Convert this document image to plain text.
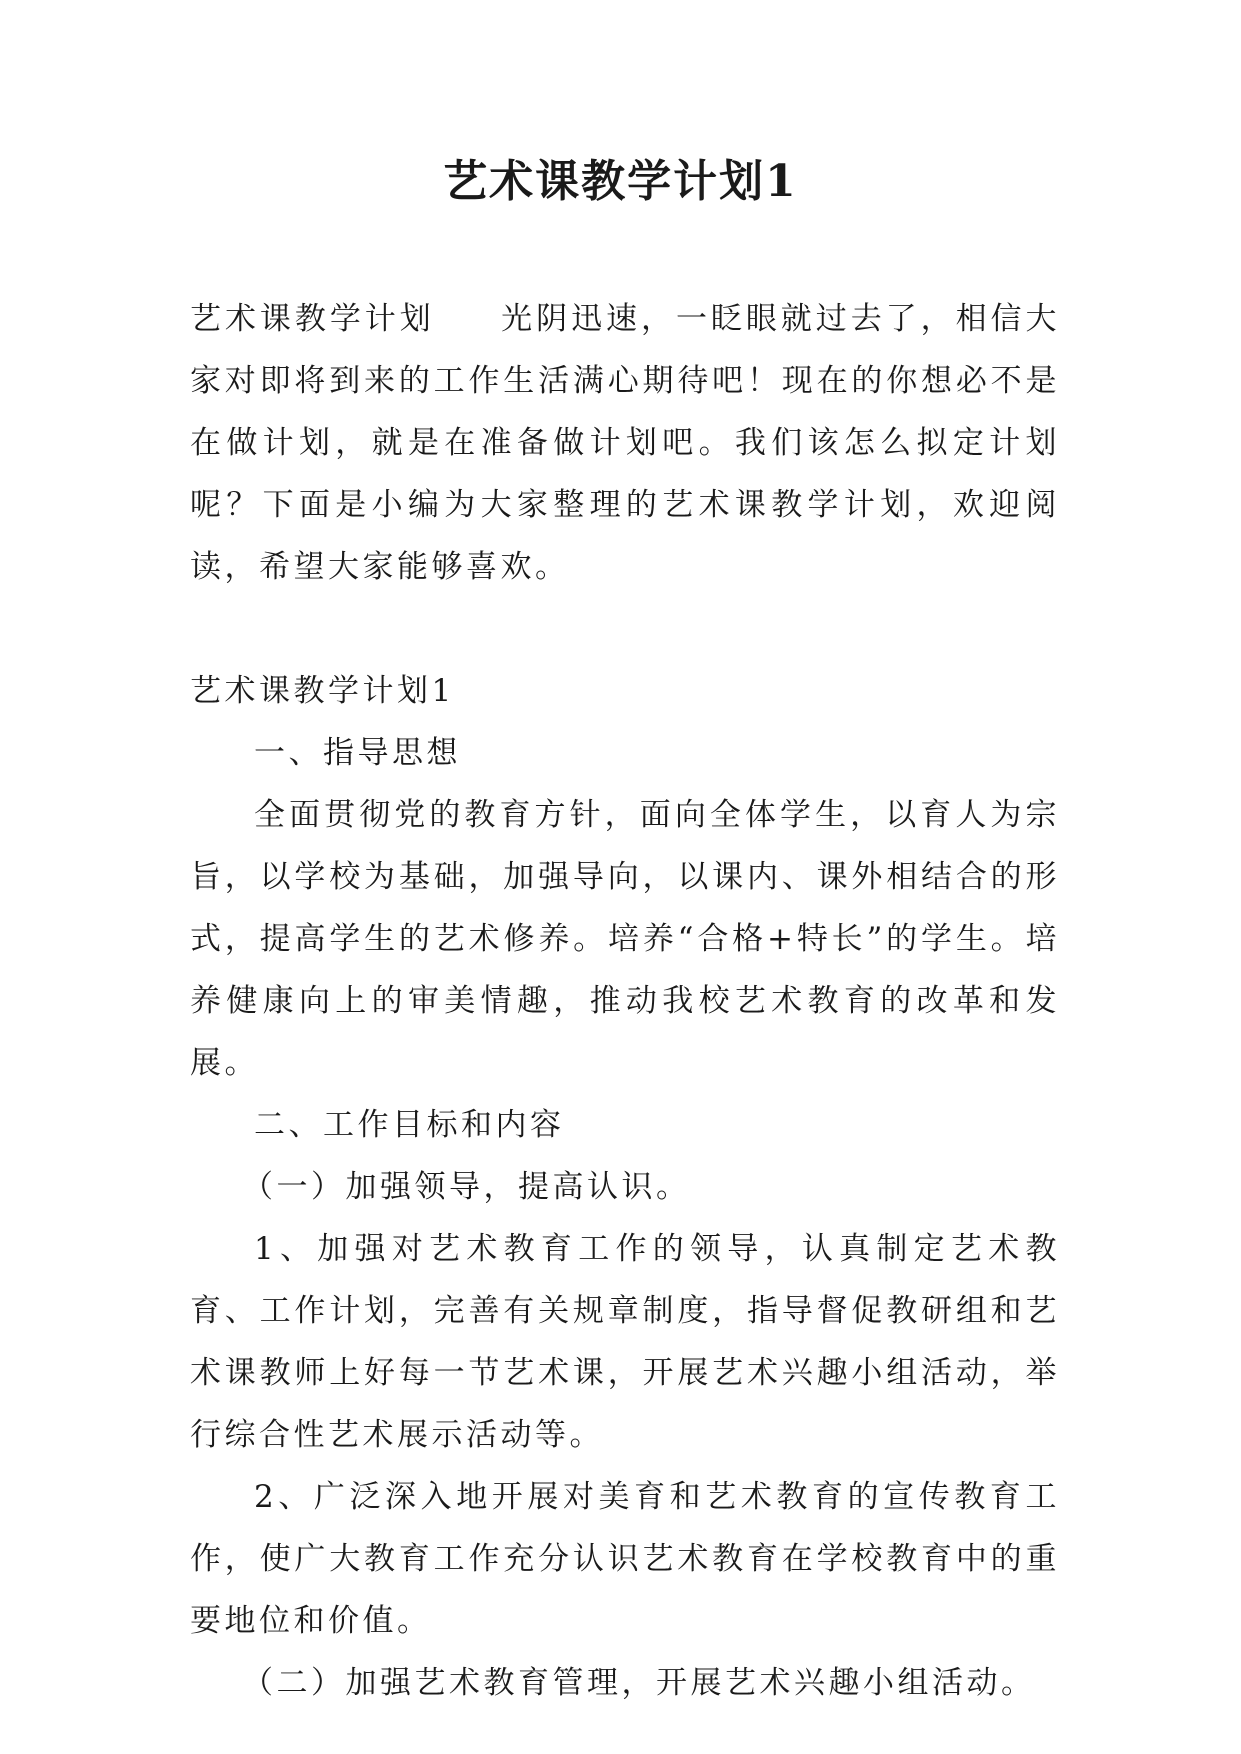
艺术课教学计划1

艺术课教学计划 光阴迅速，一眨眼就过去了，相信大家对即将到来的工作生活满心期待吧！现在的你想必不是在做计划，就是在准备做计划吧。我们该怎么拟定计划呢？下面是小编为大家整理的艺术课教学计划，欢迎阅读，希望大家能够喜欢。

艺术课教学计划1

一、指导思想

全面贯彻党的教育方针，面向全体学生，以育人为宗旨，以学校为基础，加强导向，以课内、课外相结合的形式，提高学生的艺术修养。培养“合格+特长”的学生。培养健康向上的审美情趣，推动我校艺术教育的改革和发展。

二、工作目标和内容

（一）加强领导，提高认识。

1、加强对艺术教育工作的领导，认真制定艺术教育、工作计划，完善有关规章制度，指导督促教研组和艺术课教师上好每一节艺术课，开展艺术兴趣小组活动，举行综合性艺术展示活动等。

2、广泛深入地开展对美育和艺术教育的宣传教育工作，使广大教育工作充分认识艺术教育在学校教育中的重要地位和价值。

（二）加强艺术教育管理，开展艺术兴趣小组活动。
